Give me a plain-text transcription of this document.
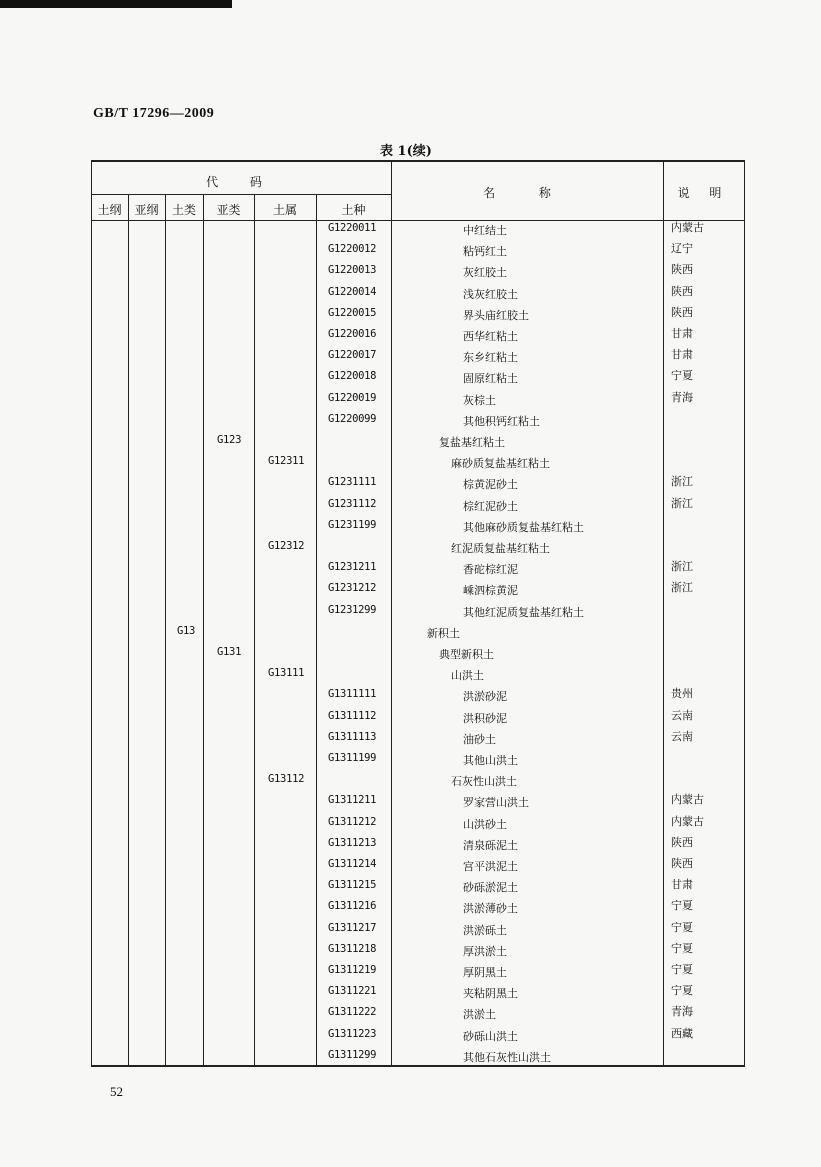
GB/T 17296—2009
表 1(续)
代 码
土纲	亚纲	土类	亚类	土属	土种
名 称	说 明
G1220011	中红结土	内蒙古
G1220012	粘钙红土	辽宁
G1220013	灰红胶土	陕西
G1220014	浅灰红胶土	陕西
G1220015	界头庙红胶土	陕西
G1220016	西华红粘土	甘肃
G1220017	东乡红粘土	甘肃
G1220018	固原红粘土	宁夏
G1220019	灰棕土	青海
G1220099	其他积钙红粘土
G123	复盐基红粘土
G12311	麻砂质复盐基红粘土
G1231111	棕黄泥砂土	浙江
G1231112	棕红泥砂土	浙江
G1231199	其他麻砂质复盐基红粘土
G12312	红泥质复盐基红粘土
G1231211	香砣棕红泥	浙江
G1231212	嵊泗棕黄泥	浙江
G1231299	其他红泥质复盐基红粘土
G13	新积土
G131	典型新积土
G13111	山洪土
G1311111	洪淤砂泥	贵州
G1311112	洪积砂泥	云南
G1311113	油砂土	云南
G1311199	其他山洪土
G13112	石灰性山洪土
G1311211	罗家营山洪土	内蒙古
G1311212	山洪砂土	内蒙古
G1311213	清泉砾泥土	陕西
G1311214	宫平洪泥土	陕西
G1311215	砂砾淤泥土	甘肃
G1311216	洪淤薄砂土	宁夏
G1311217	洪淤砾土	宁夏
G1311218	厚洪淤土	宁夏
G1311219	厚阴黑土	宁夏
G1311221	夹粘阴黑土	宁夏
G1311222	洪淤土	青海
G1311223	砂砾山洪土	西藏
G1311299	其他石灰性山洪土
52
